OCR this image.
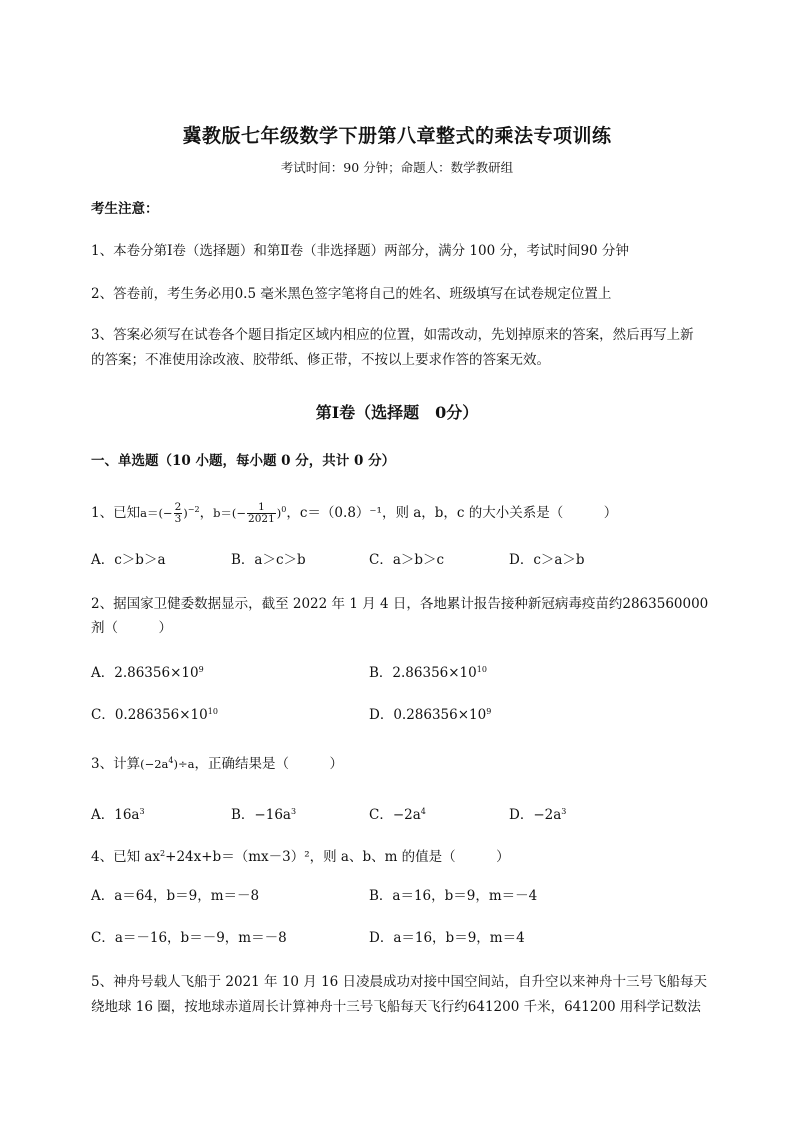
冀教版七年级数学下册第八章整式的乘法专项训练
考试时间：90 分钟；命题人：数学教研组
考生注意：
1、本卷分第Ⅰ卷（选择题）和第Ⅱ卷（非选择题）两部分，满分 100 分，考试时间90 分钟
2、答卷前，考生务必用0.5 毫米黑色签字笔将自己的姓名、班级填写在试卷规定位置上
3、答案必须写在试卷各个题目指定区域内相应的位置，如需改动，先划掉原来的答案，然后再写上新
的答案；不准使用涂改液、胶带纸、修正带，不按以上要求作答的答案无效。
第Ⅰ卷（选择题　0分）
一、单选题（10 小题，每小题 0 分，共计 0 分）
1、已知$a=(- \frac{2}{3} )^{-2}$，$b=(- \frac{1}{2021} )^0$，c＝（0.8）⁻¹，则 a，b，c 的大小关系是（　　　）
A．c＞b＞a	B．a＞c＞b	C．a＞b＞c	D．c＞a＞b
2、据国家卫健委数据显示，截至 2022 年 1 月 4 日，各地累计报告接种新冠病毒疫苗约2863560000
剂（　　　）
A．$2.86356\times 10^9$	B．$2.86356\times 10^{10}$
C．$0.286356\times 10^{10}$	D．$0.286356\times 10^9$
3、计算$(-2a^4)\div a$，正确结果是（　　　）
A．$16a^3$	B．$-16a^3$	C．$-2a^4$	D．$-2a^3$
4、已知 $ax^2+24x+b=(mx-3)^2$，则 a、b、m 的值是（　　　）
A．a＝64，b＝9，m＝－8	B．a＝16，b＝9，m＝－4
C．a＝－16，b＝－9，m＝－8	D．a＝16，b＝9，m＝4
5、神舟号载人飞船于 2021 年 10 月 16 日凌晨成功对接中国空间站，自升空以来神舟十三号飞船每天
绕地球 16 圈，按地球赤道周长计算神舟十三号飞船每天飞行约641200 千米，641200 用科学记数法
